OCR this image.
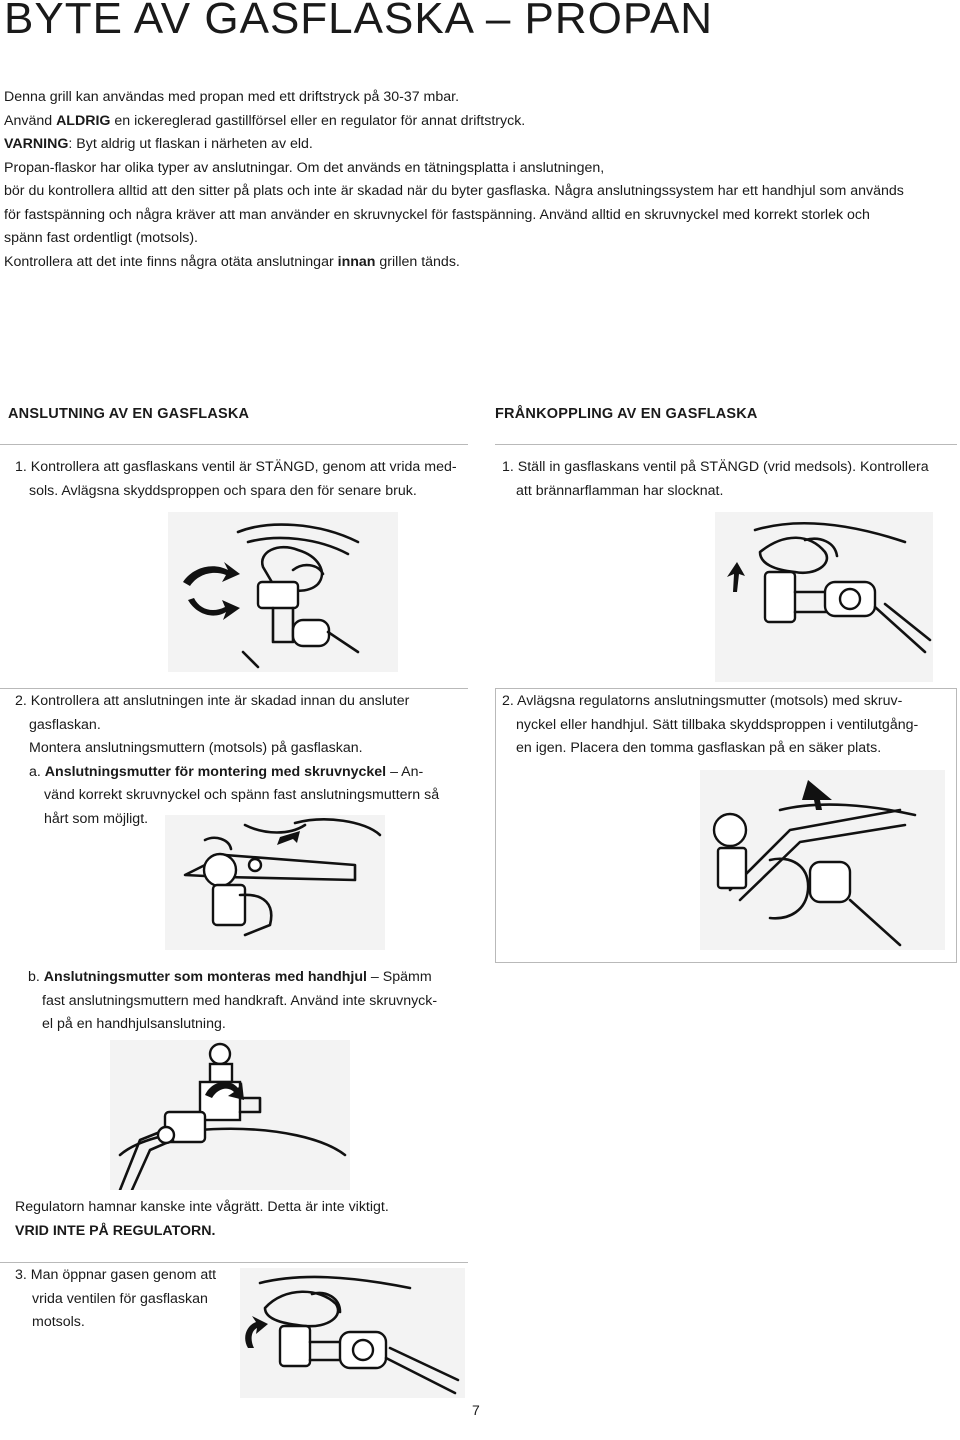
BYTE AV GASFLASKA – PROPAN

Denna grill kan användas med propan med ett driftstryck på 30-37 mbar.

Använd ALDRIG en ickereglerad gastillförsel eller en regulator för annat driftstryck.

VARNING: Byt aldrig ut flaskan i närheten av eld.

Propan-flaskor har olika typer av anslutningar. Om det används en tätningsplatta i anslutningen,

bör du kontrollera alltid att den sitter på plats och inte är skadad när du byter gasflaska. Några anslutningssystem har ett handhjul som används

för fastspänning och några kräver att man använder en skruvnyckel för fastspänning. Använd alltid en skruvnyckel med korrekt storlek och

spänn fast ordentligt (motsols).

Kontrollera att det inte finns några otäta anslutningar innan grillen tänds.

ANSLUTNING AV EN GASFLASKA	FRÅNKOPPLING AV EN GASFLASKA

1. Kontrollera att gasflaskans ventil är STÄNGD, genom att vrida med-

sols. Avlägsna skyddsproppen och spara den för senare bruk.

1. Ställ in gasflaskans ventil på STÄNGD (vrid medsols). Kontrollera

att brännarflamman har slocknat.

2. Kontrollera att anslutningen inte är skadad innan du ansluter

gasflaskan.

Montera anslutningsmuttern (motsols) på gasflaskan.

a. Anslutningsmutter för montering med skruvnyckel – An-

vänd korrekt skruvnyckel och spänn fast anslutningsmuttern så

hårt som möjligt.

2. Avlägsna regulatorns anslutningsmutter (motsols) med skruv-

nyckel eller handhjul. Sätt tillbaka skyddsproppen i ventilutgång-

en igen. Placera den tomma gasflaskan på en säker plats.

b. Anslutningsmutter som monteras med handhjul – Spämm

fast anslutningsmuttern med handkraft. Använd inte skruvnyck-

el på en handhjulsanslutning.

Regulatorn hamnar kanske inte vågrätt. Detta är inte viktigt.

VRID INTE PÅ REGULATORN.

3. Man öppnar gasen genom att

vrida ventilen för gasflaskan

motsols.

7
